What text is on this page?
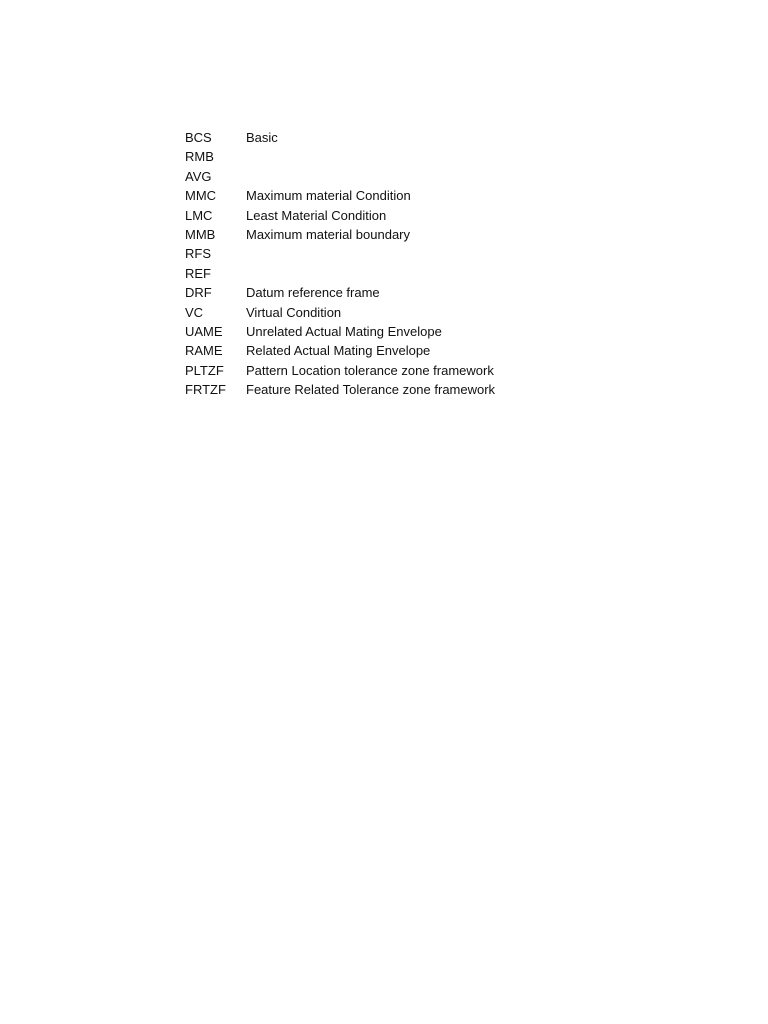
BCS	Basic
RMB	
AVG	
MMC	Maximum material Condition
LMC	Least Material Condition
MMB	Maximum material boundary
RFS	
REF	
DRF	Datum reference frame
VC	Virtual Condition
UAME	Unrelated Actual Mating Envelope
RAME	Related Actual Mating Envelope
PLTZF	Pattern Location tolerance zone framework
FRTZF	Feature Related Tolerance zone framework
